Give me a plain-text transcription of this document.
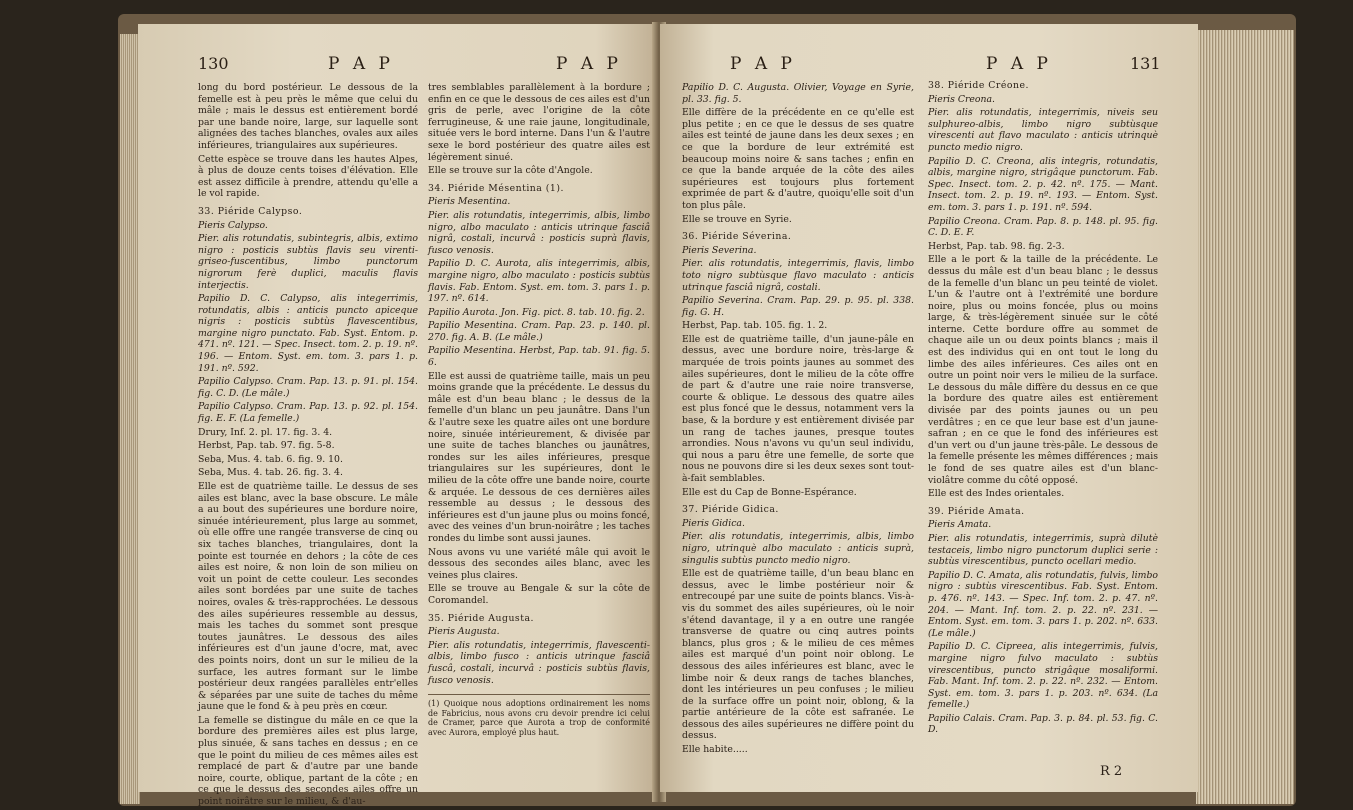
130	P A P	P A P

long du bord postérieur. Le dessous de la femelle est à peu près le même que celui du mâle ; mais le dessus est entièrement bordé par une bande noire, large, sur laquelle sont alignées des taches blanches, ovales aux ailes inférieures, triangulaires aux supérieures.

Cette espèce se trouve dans les hautes Alpes, à plus de douze cents toises d'élévation. Elle est assez difficile à prendre, attendu qu'elle a le vol rapide.

33. Piéride Calypso.

Pieris Calypso.

Pier. alis rotundatis, subintegris, albis, extimo nigro : posticis subtùs flavis seu virenti-griseo-fuscentibus, limbo punctorum nigrorum ferè duplici, maculis flavis interjectis.

Papilio D. C. Calypso, alis integerrimis, rotundatis, albis : anticis puncto apiceque nigris : posticis subtùs flavescentibus, margine nigro punctato. Fab. Syst. Entom. p. 471. nº. 121. — Spec. Insect. tom. 2. p. 19. nº. 196. — Entom. Syst. em. tom. 3. pars 1. p. 191. nº. 592.

Papilio Calypso. Cram. Pap. 13. p. 91. pl. 154. fig. C. D. (Le mâle.)

Papilio Calypso. Cram. Pap. 13. p. 92. pl. 154. fig. E. F. (La femelle.)

Drury, Inf. 2. pl. 17. fig. 3. 4.

Herbst, Pap. tab. 97. fig. 5-8.

Seba, Mus. 4. tab. 6. fig. 9. 10.

Seba, Mus. 4. tab. 26. fig. 3. 4.

Elle est de quatrième taille. Le dessus de ses ailes est blanc, avec la base obscure. Le mâle a au bout des supérieures une bordure noire, sinuée intérieurement, plus large au sommet, où elle offre une rangée transverse de cinq ou six taches blanches, triangulaires, dont la pointe est tournée en dehors ; la côte de ces ailes est noire, & non loin de son milieu on voit un point de cette couleur. Les secondes ailes sont bordées par une suite de taches noires, ovales & très-rapprochées. Le dessous des ailes supérieures ressemble au dessus, mais les taches du sommet sont presque toutes jaunâtres. Le dessous des ailes inférieures est d'un jaune d'ocre, mat, avec des points noirs, dont un sur le milieu de la surface, les autres formant sur le limbe postérieur deux rangées parallèles entr'elles & séparées par une suite de taches du même jaune que le fond & à peu près en cœur.

La femelle se distingue du mâle en ce que la bordure des premières ailes est plus large, plus sinuée, & sans taches en dessus ; en ce que le point du milieu de ces mêmes ailes est remplacé de part & d'autre par une bande noire, courte, oblique, partant de la côte ; en ce que le dessus des secondes ailes offre un point noirâtre sur le milieu, & d'au-

tres semblables parallèlement à la bordure ; enfin en ce que le dessous de ces ailes est d'un gris de perle, avec l'origine de la côte ferrugineuse, & une raie jaune, longitudinale, située vers le bord interne. Dans l'un & l'autre sexe le bord postérieur des quatre ailes est légèrement sinué.

Elle se trouve sur la côte d'Angole.

34. Piéride Mésentina (1).

Pieris Mesentina.

Pier. alis rotundatis, integerrimis, albis, limbo nigro, albo maculato : anticis utrinque fasciâ nigrâ, costali, incurvâ : posticis suprà flavis, fusco venosis.

Papilio D. C. Aurota, alis integerrimis, albis, margine nigro, albo maculato : posticis subtùs flavis. Fab. Entom. Syst. em. tom. 3. pars 1. p. 197. nº. 614.

Papilio Aurota. Jon. Fig. pict. 8. tab. 10. fig. 2.

Papilio Mesentina. Cram. Pap. 23. p. 140. pl. 270. fig. A. B. (Le mâle.)

Papilio Mesentina. Herbst, Pap. tab. 91. fig. 5. 6.

Elle est aussi de quatrième taille, mais un peu moins grande que la précédente. Le dessus du mâle est d'un beau blanc ; le dessus de la femelle d'un blanc un peu jaunâtre. Dans l'un & l'autre sexe les quatre ailes ont une bordure noire, sinuée intérieurement, & divisée par une suite de taches blanches ou jaunâtres, rondes sur les ailes inférieures, presque triangulaires sur les supérieures, dont le milieu de la côte offre une bande noire, courte & arquée. Le dessous de ces dernières ailes ressemble au dessus ; le dessous des inférieures est d'un jaune plus ou moins foncé, avec des veines d'un brun-noirâtre ; les taches rondes du limbe sont aussi jaunes.

Nous avons vu une variété mâle qui avoit le dessous des secondes ailes blanc, avec les veines plus claires.

Elle se trouve au Bengale & sur la côte de Coromandel.

35. Piéride Augusta.

Pieris Augusta.

Pier. alis rotundatis, integerrimis, flavescenti-albis, limbo fusco : anticis utrinque fasciâ fuscâ, costali, incurvâ : posticis subtùs flavis, fusco venosis.

(1) Quoique nous adoptions ordinairement les noms de Fabricius, nous avons cru devoir prendre ici celui de Cramer, parce que Aurota a trop de conformité avec Aurora, employé plus haut.

P A P	P A P	131

Papilio D. C. Augusta. Olivier, Voyage en Syrie, pl. 33. fig. 5.

Elle diffère de la précédente en ce qu'elle est plus petite ; en ce que le dessus de ses quatre ailes est teinté de jaune dans les deux sexes ; en ce que la bordure de leur extrémité est beaucoup moins noire & sans taches ; enfin en ce que la bande arquée de la côte des ailes supérieures est toujours plus fortement exprimée de part & d'autre, quoiqu'elle soit d'un ton plus pâle.

Elle se trouve en Syrie.

36. Piéride Séverina.

Pieris Severina.

Pier. alis rotundatis, integerrimis, flavis, limbo toto nigro subtùsque flavo maculato : anticis utrinque fasciâ nigrâ, costali.

Papilio Severina. Cram. Pap. 29. p. 95. pl. 338. fig. G. H.

Herbst, Pap. tab. 105. fig. 1. 2.

Elle est de quatrième taille, d'un jaune-pâle en dessus, avec une bordure noire, très-large & marquée de trois points jaunes au sommet des ailes supérieures, dont le milieu de la côte offre de part & d'autre une raie noire transverse, courte & oblique. Le dessous des quatre ailes est plus foncé que le dessus, notamment vers la base, & la bordure y est entièrement divisée par un rang de taches jaunes, presque toutes arrondies. Nous n'avons vu qu'un seul individu, qui nous a paru être une femelle, de sorte que nous ne pouvons dire si les deux sexes sont tout-à-fait semblables.

Elle est du Cap de Bonne-Espérance.

37. Piéride Gidica.

Pieris Gidica.

Pier. alis rotundatis, integerrimis, albis, limbo nigro, utrinquè albo maculato : anticis suprà, singulis subtùs puncto medio nigro.

Elle est de quatrième taille, d'un beau blanc en dessus, avec le limbe postérieur noir & entrecoupé par une suite de points blancs. Vis-à-vis du sommet des ailes supérieures, où le noir s'étend davantage, il y a en outre une rangée transverse de quatre ou cinq autres points blancs, plus gros ; & le milieu de ces mêmes ailes est marqué d'un point noir oblong. Le dessous des ailes inférieures est blanc, avec le limbe noir & deux rangs de taches blanches, dont les intérieures un peu confuses ; le milieu de la surface offre un point noir, oblong, & la partie antérieure de la côte est safranée. Le dessous des ailes supérieures ne diffère point du dessus.

Elle habite.....

38. Piéride Créone.

Pieris Creona.

Pier. alis rotundatis, integerrimis, niveis seu sulphureo-albis, limbo nigro subtùsque virescenti aut flavo maculato : anticis utrinquè puncto medio nigro.

Papilio D. C. Creona, alis integris, rotundatis, albis, margine nigro, strigâque punctorum. Fab. Spec. Insect. tom. 2. p. 42. nº. 175. — Mant. Insect. tom. 2. p. 19. nº. 193. — Entom. Syst. em. tom. 3. pars 1. p. 191. nº. 594.

Papilio Creona. Cram. Pap. 8. p. 148. pl. 95. fig. C. D. E. F.

Herbst, Pap. tab. 98. fig. 2-3.

Elle a le port & la taille de la précédente. Le dessus du mâle est d'un beau blanc ; le dessus de la femelle d'un blanc un peu teinté de violet. L'un & l'autre ont à l'extrémité une bordure noire, plus ou moins foncée, plus ou moins large, & très-légèrement sinuée sur le côté interne. Cette bordure offre au sommet de chaque aile un ou deux points blancs ; mais il est des individus qui en ont tout le long du limbe des ailes inférieures. Ces ailes ont en outre un point noir vers le milieu de la surface. Le dessous du mâle diffère du dessus en ce que la bordure des quatre ailes est entièrement divisée par des points jaunes ou un peu verdâtres ; en ce que leur base est d'un jaune-safran ; en ce que le fond des inférieures est d'un vert ou d'un jaune très-pâle. Le dessous de la femelle présente les mêmes différences ; mais le fond de ses quatre ailes est d'un blanc-violâtre comme du côté opposé.

Elle est des Indes orientales.

39. Piéride Amata.

Pieris Amata.

Pier. alis rotundatis, integerrimis, suprà dilutè testaceis, limbo nigro punctorum duplici serie : subtùs virescentibus, puncto ocellari medio.

Papilio D. C. Amata, alis rotundatis, fulvis, limbo nigro : subtùs virescentibus. Fab. Syst. Entom. p. 476. nº. 143. — Spec. Inf. tom. 2. p. 47. nº. 204. — Mant. Inf. tom. 2. p. 22. nº. 231. — Entom. Syst. em. tom. 3. pars 1. p. 202. nº. 633. (Le mâle.)

Papilio D. C. Cipreea, alis integerrimis, fulvis, margine nigro fulvo maculato : subtùs virescentibus, puncto strigâque mosaliformi. Fab. Mant. Inf. tom. 2. p. 22. nº. 232. — Entom. Syst. em. tom. 3. pars 1. p. 203. nº. 634. (La femelle.)

Papilio Calais. Cram. Pap. 3. p. 84. pl. 53. fig. C. D.

R 2
